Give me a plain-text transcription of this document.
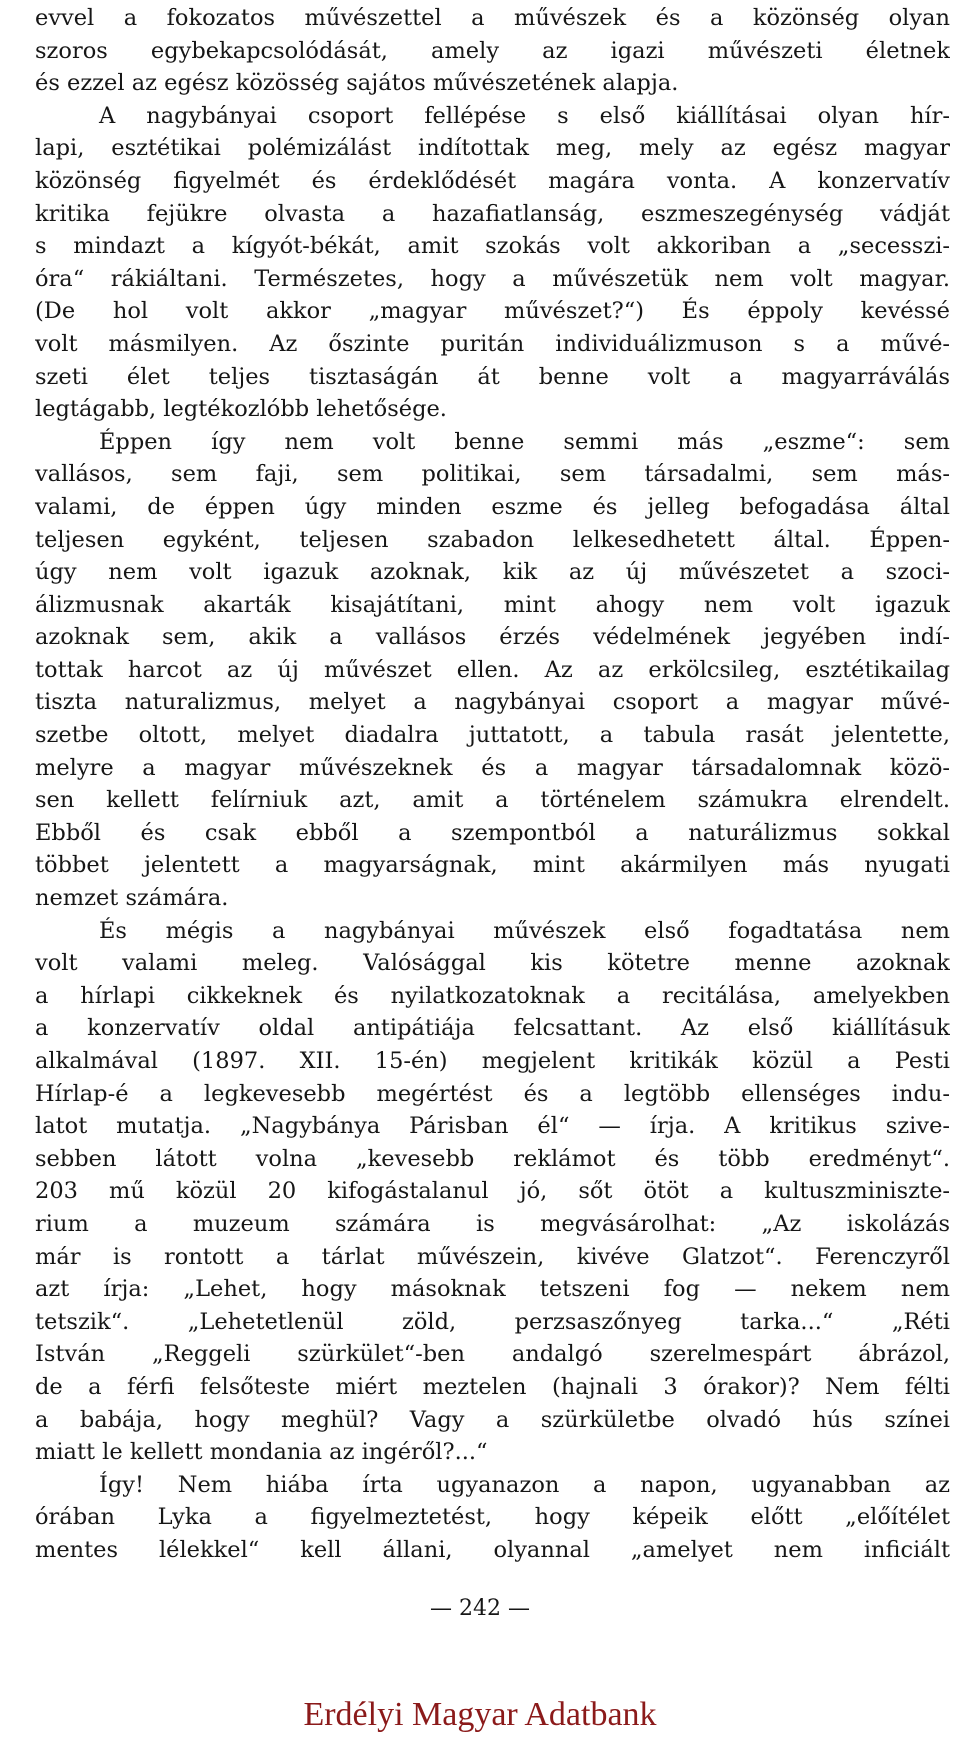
evvel a fokozatos művészettel a művészek és a közönség olyan
szoros egybekapcsolódását, amely az igazi művészeti életnek
és ezzel az egész közösség sajátos művészetének alapja.
A nagybányai csoport fellépése s első kiállításai olyan hír-
lapi, esztétikai polémizálást indítottak meg, mely az egész magyar
közönség figyelmét és érdeklődését magára vonta. A konzervatív
kritika fejükre olvasta a hazafiatlanság, eszmeszegénység vádját
s mindazt a kígyót-békát, amit szokás volt akkoriban a „secesszi-
óra“ rákiáltani. Természetes, hogy a művészetük nem volt magyar.
(De hol volt akkor „magyar művészet?“) És éppoly kevéssé
volt másmilyen. Az őszinte puritán individuálizmuson s a művé-
szeti élet teljes tisztaságán át benne volt a magyarráválás
legtágabb, legtékozlóbb lehetősége.
Éppen így nem volt benne semmi más „eszme“: sem
vallásos, sem faji, sem politikai, sem társadalmi, sem más-
valami, de éppen úgy minden eszme és jelleg befogadása által
teljesen egyként, teljesen szabadon lelkesedhetett által. Éppen-
úgy nem volt igazuk azoknak, kik az új művészetet a szoci-
álizmusnak akarták kisajátítani, mint ahogy nem volt igazuk
azoknak sem, akik a vallásos érzés védelmének jegyében indí-
tottak harcot az új művészet ellen. Az az erkölcsileg, esztétikailag
tiszta naturalizmus, melyet a nagybányai csoport a magyar művé-
szetbe oltott, melyet diadalra juttatott, a tabula rasát jelentette,
melyre a magyar művészeknek és a magyar társadalomnak közö-
sen kellett felírniuk azt, amit a történelem számukra elrendelt.
Ebből és csak ebből a szempontból a naturálizmus sokkal
többet jelentett a magyarságnak, mint akármilyen más nyugati
nemzet számára.
És mégis a nagybányai művészek első fogadtatása nem
volt valami meleg. Valósággal kis kötetre menne azoknak
a hírlapi cikkeknek és nyilatkozatoknak a recitálása, amelyekben
a konzervatív oldal antipátiája felcsattant. Az első kiállításuk
alkalmával (1897. XII. 15-én) megjelent kritikák közül a Pesti
Hírlap-é a legkevesebb megértést és a legtöbb ellenséges indu-
latot mutatja. „Nagybánya Párisban él“ — írja. A kritikus szive-
sebben látott volna „kevesebb reklámot és több eredményt“.
203 mű közül 20 kifogástalanul jó, sőt ötöt a kultuszminiszte-
rium a muzeum számára is megvásárolhat: „Az iskolázás
már is rontott a tárlat művészein, kivéve Glatzot“. Ferenczyről
azt írja: „Lehet, hogy másoknak tetszeni fog — nekem nem
tetszik“. „Lehetetlenül zöld, perzsaszőnyeg tarka...“ „Réti
István „Reggeli szürkület“-ben andalgó szerelmespárt ábrázol,
de a férfi felsőteste miért meztelen (hajnali 3 órakor)? Nem félti
a babája, hogy meghül? Vagy a szürkületbe olvadó hús színei
miatt le kellett mondania az ingéről?...“
Így! Nem hiába írta ugyanazon a napon, ugyanabban az
órában Lyka a figyelmeztetést, hogy képeik előtt „előítélet
mentes lélekkel“ kell állani, olyannal „amelyet nem inficiált
— 242 —
Erdélyi Magyar Adatbank
